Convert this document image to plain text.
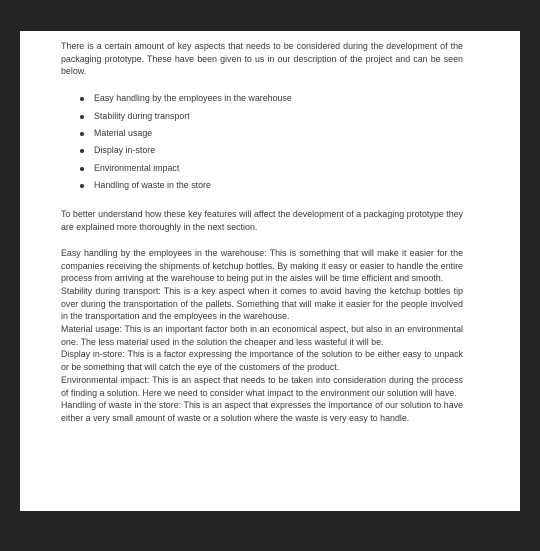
There is a certain amount of key aspects that needs to be considered during the development of the packaging prototype. These have been given to us in our description of the project and can be seen below.

Easy handling by the employees in the warehouse
Stability during transport
Material usage
Display in-store
Environmental impact
Handling of waste in the store

To better understand how these key features will affect the development of a packaging prototype they are explained more thoroughly in the next section.

Easy handling by the employees in the warehouse: This is something that will make it easier for the companies receiving the shipments of ketchup bottles. By making it easy or easier to handle the entire process from arriving at the warehouse to being put in the aisles will be time efficient and smooth.

Stability during transport: This is a key aspect when it comes to avoid having the ketchup bottles tip over during the transportation of the pallets. Something that will make it easier for the people involved in the transportation and the employees in the warehouse.

Material usage: This is an important factor both in an economical aspect, but also in an environmental one. The less material used in the solution the cheaper and less wasteful it will be.

Display in-store: This is a factor expressing the importance of the solution to be either easy to unpack or be something that will catch the eye of the customers of the product.

Environmental impact: This is an aspect that needs to be taken into consideration during the process of finding a solution. Here we need to consider what impact to the environment our solution will have.

Handling of waste in the store: This is an aspect that expresses the importance of our solution to have either a very small amount of waste or a solution where the waste is very easy to handle.
